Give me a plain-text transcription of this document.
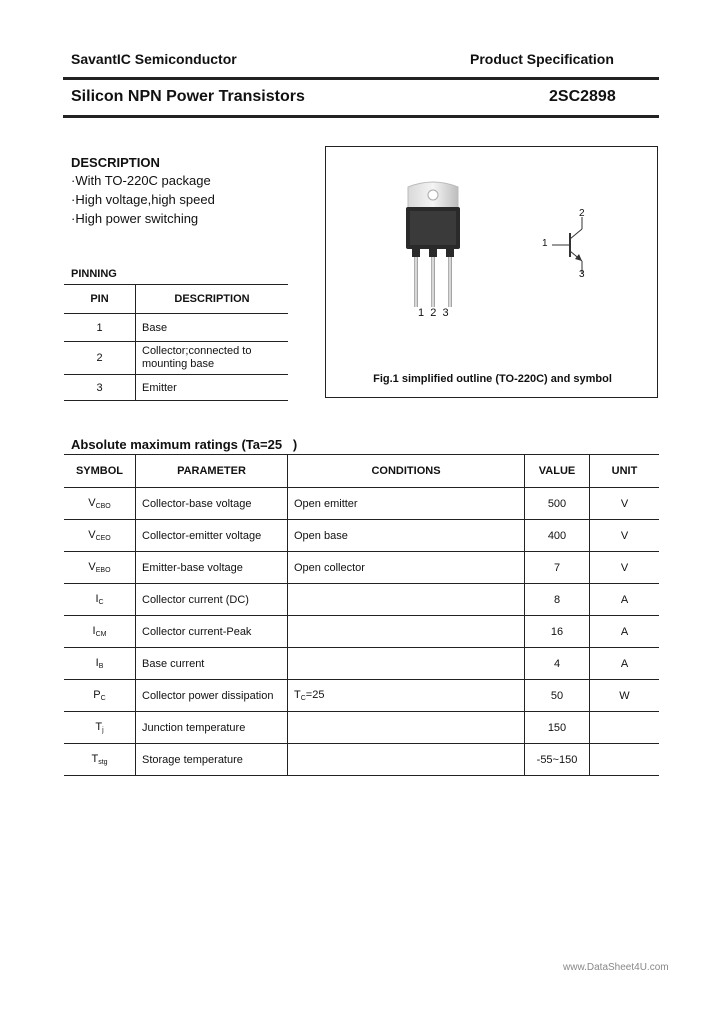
SavantIC Semiconductor	Product Specification
Silicon NPN Power Transistors	2SC2898
DESCRIPTION
·With TO-220C package
·High voltage,high speed
·High power switching
PINNING
PIN	DESCRIPTION
1	Base
2	Collector;connected to
mounting base
3	Emitter
1  2  3
1
2
3
Fig.1 simplified outline (TO-220C) and symbol
Absolute maximum ratings (Ta=25   )
SYMBOL	PARAMETER	CONDITIONS	VALUE	UNIT
$V_{CBO}$	Collector-base voltage	Open emitter	500	V
$V_{CEO}$	Collector-emitter voltage	Open base	400	V
$V_{EBO}$	Emitter-base voltage	Open collector	7	V
$I_C$	Collector current (DC)		8	A
$I_{CM}$	Collector current-Peak		16	A
$I_B$	Base current		4	A
$P_C$	Collector power dissipation	$T_C=25$	50	W
$T_j$	Junction temperature		150	
$T_{stg}$	Storage temperature		-55~150	
www.DataSheet4U.com
